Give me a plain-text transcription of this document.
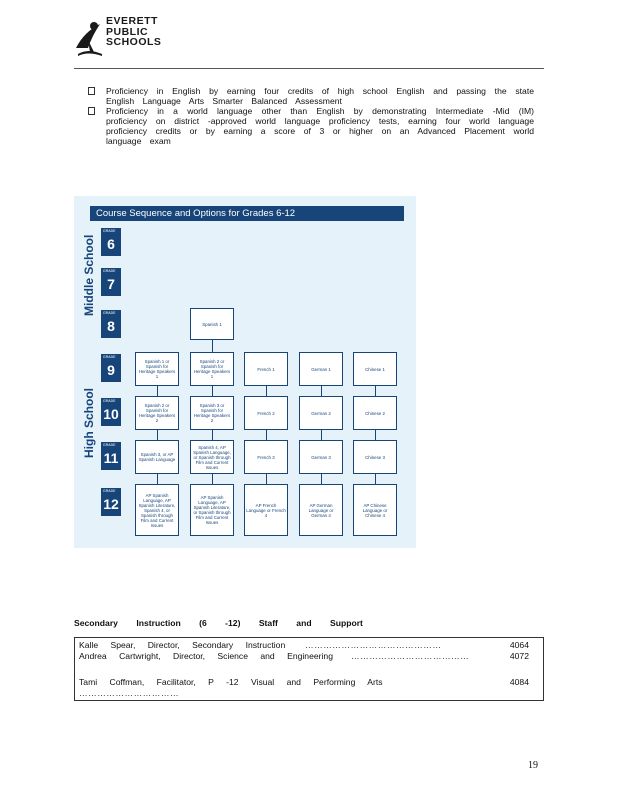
EVERETT
PUBLIC
SCHOOLS

Proficiency in English by earning four credits of high school English and passing the state English Language Arts Smarter Balanced Assessment

Proficiency in a world language other than English by demonstrating Intermediate -Mid (IM) proficiency on district -approved world language proficiency tests, earning four world language proficiency credits or by earning a score of 3 or higher on an Advanced Placement world language exam

Course Sequence and Options for Grades 6-12
Middle School
High School
GRADE
6
GRADE
7
GRADE
8
GRADE
9
GRADE
10
GRADE
11
GRADE
12
Spanish 1
Spanish 1 or Spanish for Heritage Speakers 1
Spanish 2 or Spanish for Heritage Speakers 1
French 1	German 1	Chinese 1
Spanish 2 or Spanish for Heritage Speakers 2
Spanish 3 or Spanish for Heritage Speakers 2
French 2	German 2	Chinese 2
Spanish 3, or AP Spanish Language
Spanish 4, AP Spanish Language, or Spanish through Film and Current Issues
French 3	German 3	Chinese 3
AP Spanish Language, AP Spanish Literature, Spanish 4, or Spanish through Film and Current Issues
AP Spanish Language, AP Spanish Literature, or Spanish through Film and Current Issues
AP French Language or French 4
AP German Language or German 4
AP Chinese Language or Chinese 4
Secondary Instruction (6 -12) Staff and Support
Kalle Spear, Director, Secondary Instruction ………………………………………	4064
Andrea Cartwright, Director, Science and Engineering …………………………………	4072
Tami Coffman, Facilitator, P -12 Visual and Performing Arts	4084
……………………………
19
